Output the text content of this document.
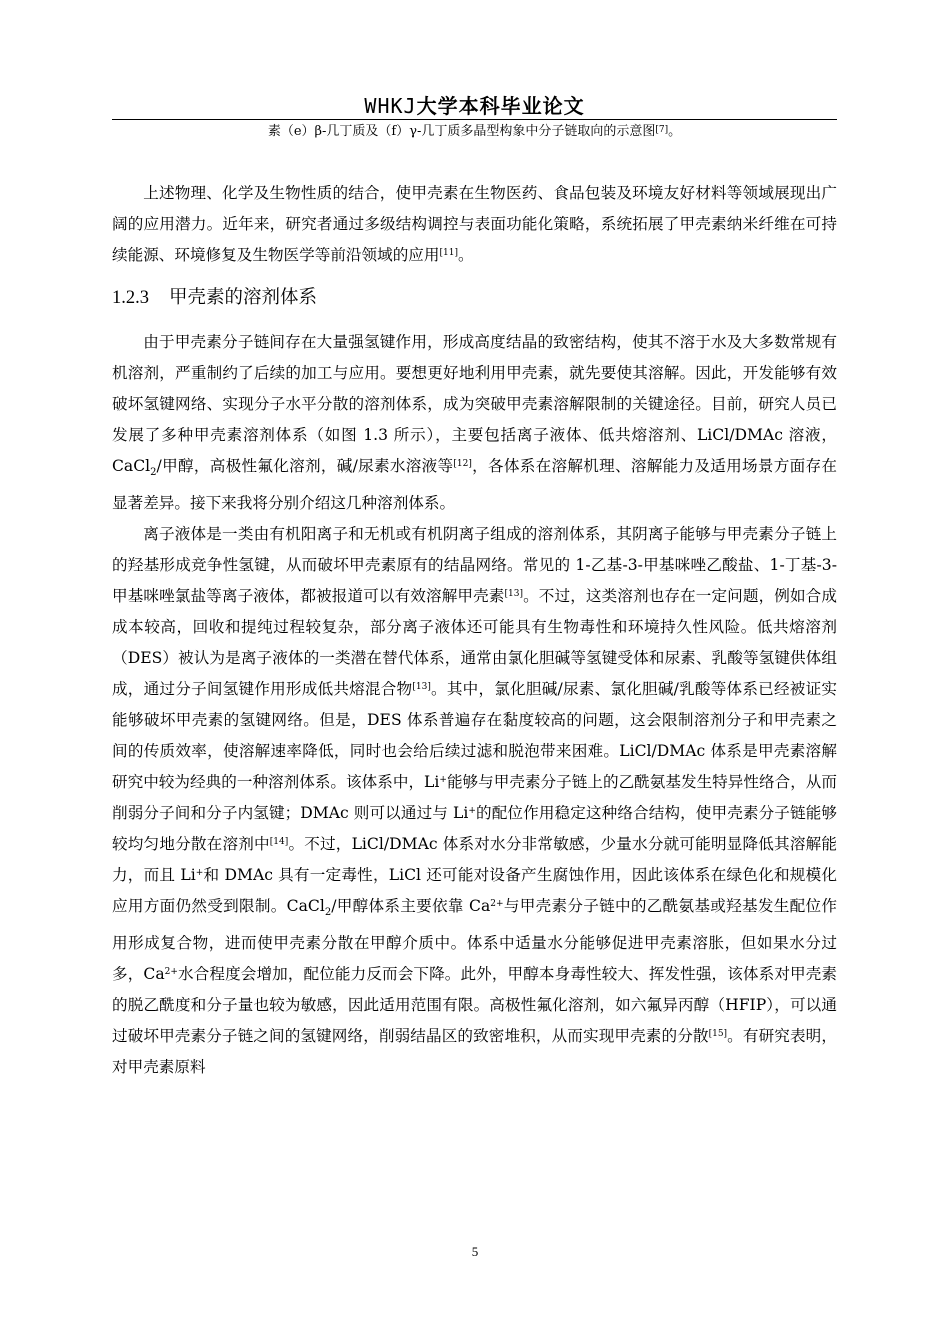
WHKJ大学本科毕业论文
素（e）β-几丁质及（f）γ-几丁质多晶型构象中分子链取向的示意图[7]。

上述物理、化学及生物性质的结合，使甲壳素在生物医药、食品包装及环境友好材料等领域展现出广阔的应用潜力。近年来，研究者通过多级结构调控与表面功能化策略，系统拓展了甲壳素纳米纤维在可持续能源、环境修复及生物医学等前沿领域的应用[11]。

1.2.3 甲壳素的溶剂体系

由于甲壳素分子链间存在大量强氢键作用，形成高度结晶的致密结构，使其不溶于水及大多数常规有机溶剂，严重制约了后续的加工与应用。要想更好地利用甲壳素，就先要使其溶解。因此，开发能够有效破坏氢键网络、实现分子水平分散的溶剂体系，成为突破甲壳素溶解限制的关键途径。目前，研究人员已发展了多种甲壳素溶剂体系（如图 1.3 所示），主要包括离子液体、低共熔溶剂、LiCl/DMAc 溶液，CaCl$_2$/甲醇，高极性氟化溶剂，碱/尿素水溶液等[12]，各体系在溶解机理、溶解能力及适用场景方面存在显著差异。接下来我将分别介绍这几种溶剂体系。

离子液体是一类由有机阳离子和无机或有机阴离子组成的溶剂体系，其阴离子能够与甲壳素分子链上的羟基形成竞争性氢键，从而破坏甲壳素原有的结晶网络。常见的 1-乙基-3-甲基咪唑乙酸盐、1-丁基-3-甲基咪唑氯盐等离子液体，都被报道可以有效溶解甲壳素[13]。不过，这类溶剂也存在一定问题，例如合成成本较高，回收和提纯过程较复杂，部分离子液体还可能具有生物毒性和环境持久性风险。低共熔溶剂（DES）被认为是离子液体的一类潜在替代体系，通常由氯化胆碱等氢键受体和尿素、乳酸等氢键供体组成，通过分子间氢键作用形成低共熔混合物[13]。其中，氯化胆碱/尿素、氯化胆碱/乳酸等体系已经被证实能够破坏甲壳素的氢键网络。但是，DES 体系普遍存在黏度较高的问题，这会限制溶剂分子和甲壳素之间的传质效率，使溶解速率降低，同时也会给后续过滤和脱泡带来困难。LiCl/DMAc 体系是甲壳素溶解研究中较为经典的一种溶剂体系。该体系中，Li+能够与甲壳素分子链上的乙酰氨基发生特异性络合，从而削弱分子间和分子内氢键；DMAc 则可以通过与 Li+的配位作用稳定这种络合结构，使甲壳素分子链能够较均匀地分散在溶剂中[14]。不过，LiCl/DMAc 体系对水分非常敏感，少量水分就可能明显降低其溶解能力，而且 Li+和 DMAc 具有一定毒性，LiCl 还可能对设备产生腐蚀作用，因此该体系在绿色化和规模化应用方面仍然受到限制。CaCl$_2$/甲醇体系主要依靠 $Ca^{2+}$与甲壳素分子链中的乙酰氨基或羟基发生配位作用形成复合物，进而使甲壳素分散在甲醇介质中。体系中适量水分能够促进甲壳素溶胀，但如果水分过多，$Ca^{2+}$水合程度会增加，配位能力反而会下降。此外，甲醇本身毒性较大、挥发性强，该体系对甲壳素的脱乙酰度和分子量也较为敏感，因此适用范围有限。高极性氟化溶剂，如六氟异丙醇（HFIP），可以通过破坏甲壳素分子链之间的氢键网络，削弱结晶区的致密堆积，从而实现甲壳素的分散[15]。有研究表明，对甲壳素原料

5
